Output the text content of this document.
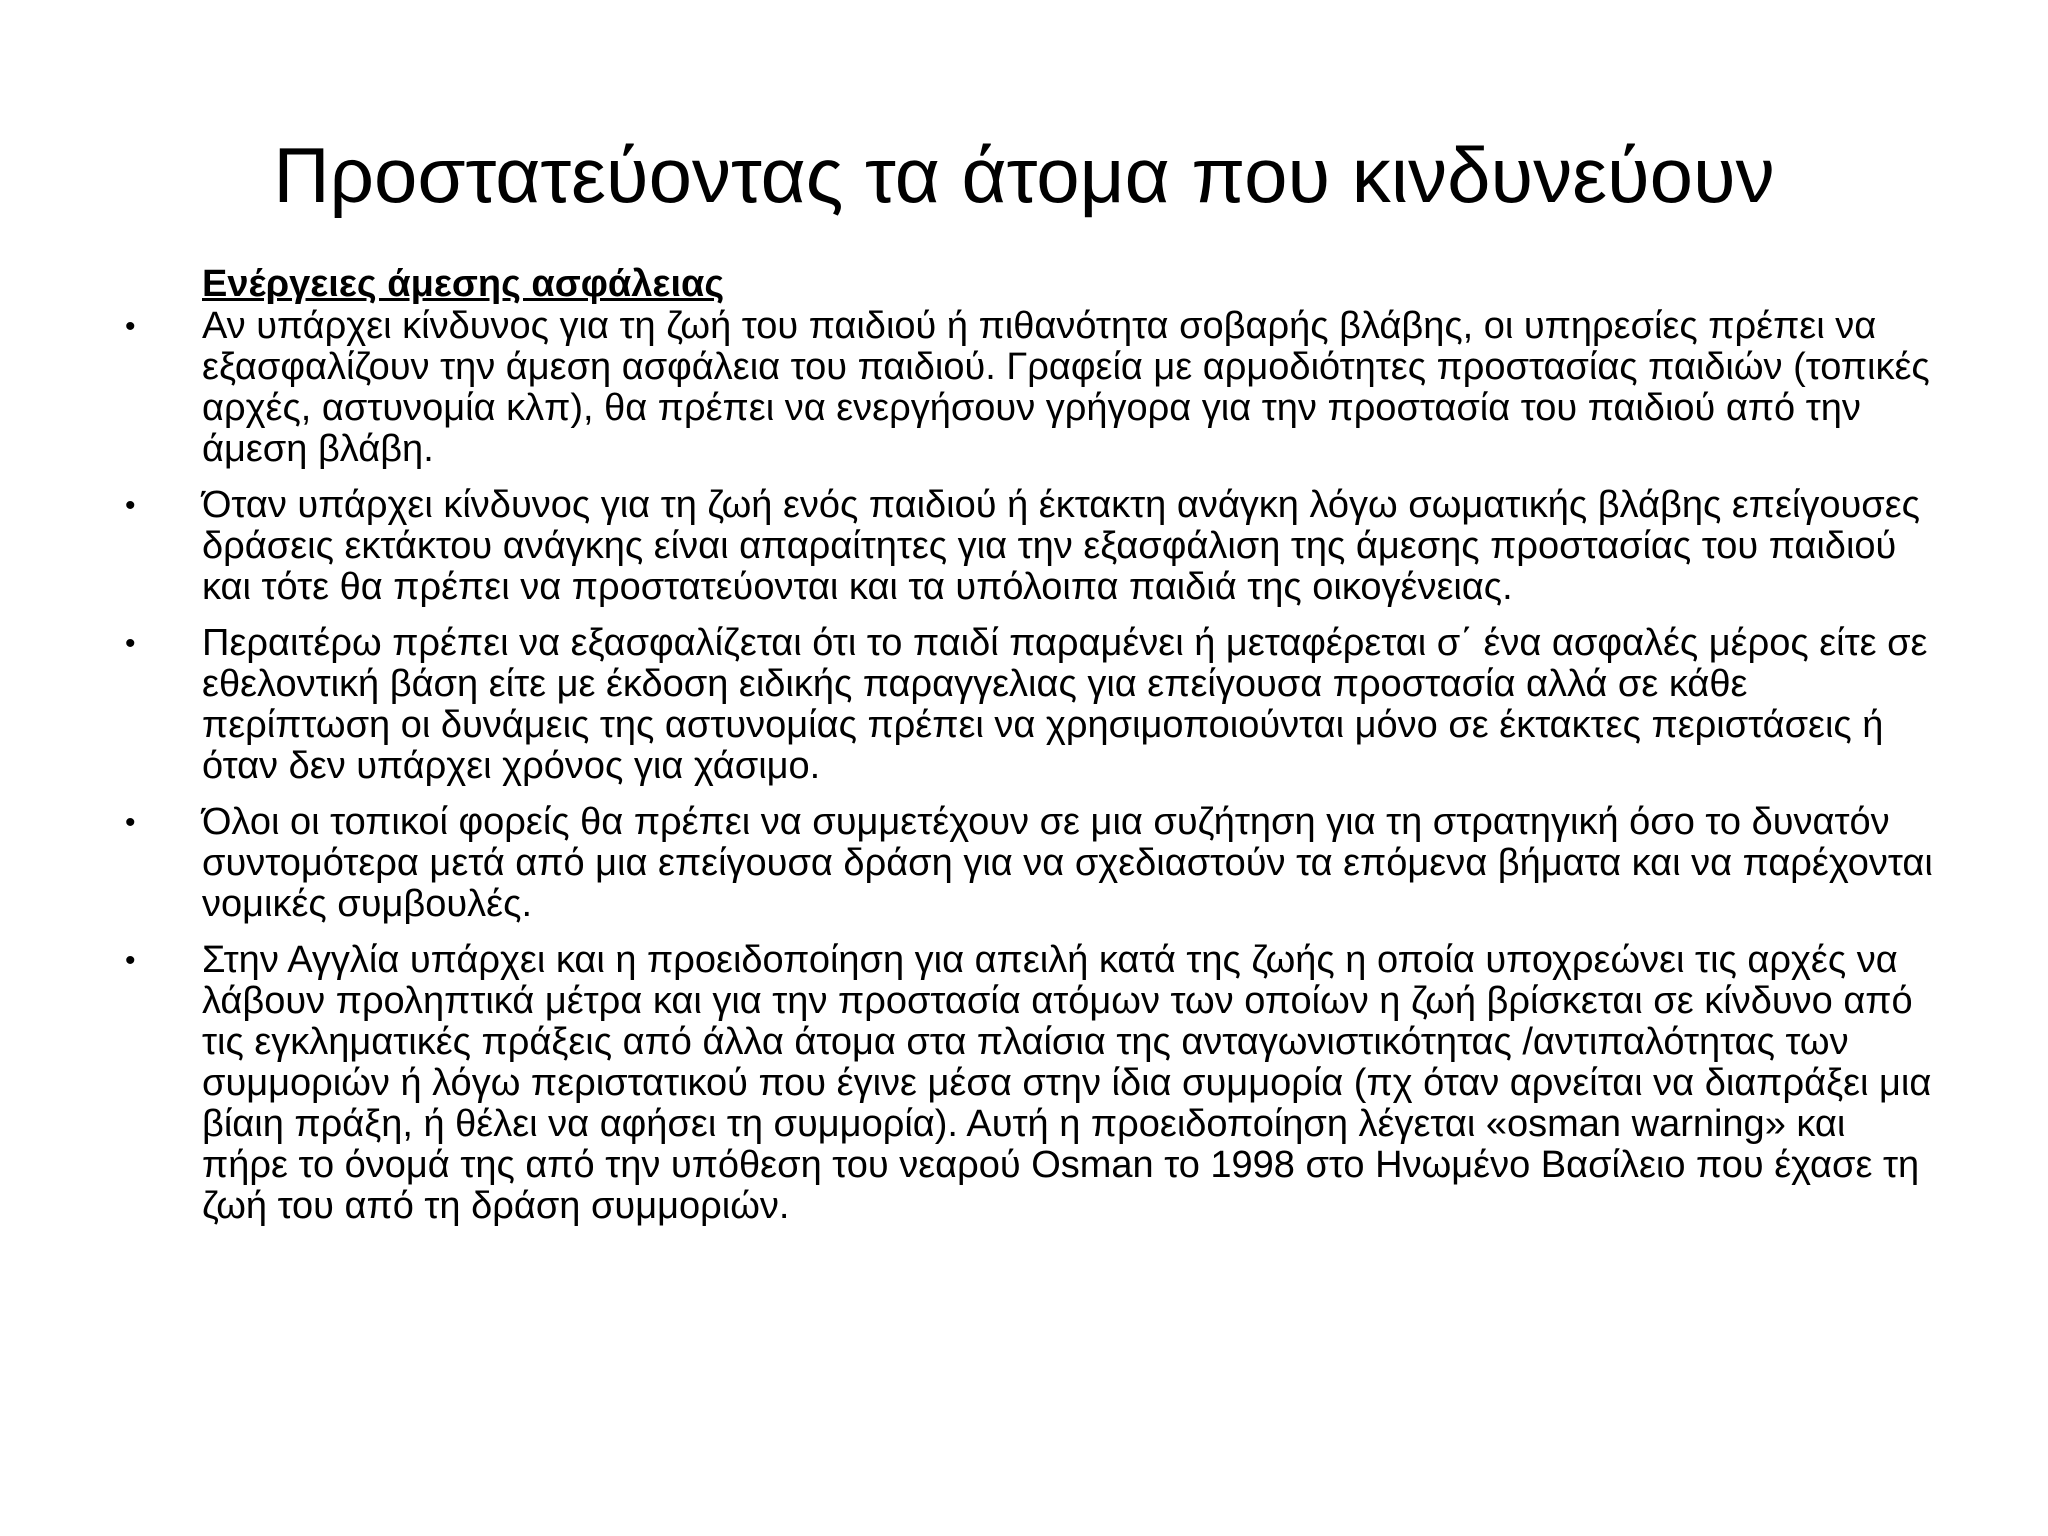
Προστατεύοντας τα άτομα που κινδυνεύουν
Ενέργειες άμεσης ασφάλειας
• Αν υπάρχει κίνδυνος για τη ζωή του παιδιού ή πιθανότητα σοβαρής βλάβης, οι υπηρεσίες πρέπει να εξασφαλίζουν την άμεση ασφάλεια του παιδιού. Γραφεία με αρμοδιότητες προστασίας παιδιών (τοπικές αρχές, αστυνομία κλπ), θα πρέπει να ενεργήσουν γρήγορα για την προστασία του παιδιού από την άμεση βλάβη.
• Όταν υπάρχει κίνδυνος για τη ζωή ενός παιδιού ή έκτακτη ανάγκη λόγω σωματικής βλάβης επείγουσες δράσεις εκτάκτου ανάγκης είναι απαραίτητες για την εξασφάλιση της άμεσης προστασίας του παιδιού και τότε θα πρέπει να προστατεύονται και τα υπόλοιπα παιδιά της οικογένειας.
• Περαιτέρω πρέπει να εξασφαλίζεται ότι το παιδί παραμένει ή μεταφέρεται σ΄ ένα ασφαλές μέρος είτε σε εθελοντική βάση είτε με έκδοση ειδικής παραγγελιας για επείγουσα προστασία αλλά σε κάθε περίπτωση οι δυνάμεις της αστυνομίας πρέπει να χρησιμοποιούνται μόνο σε έκτακτες περιστάσεις ή όταν δεν υπάρχει χρόνος για χάσιμο.
• Όλοι οι τοπικοί φορείς θα πρέπει να συμμετέχουν σε μια συζήτηση για τη στρατηγική όσο το δυνατόν συντομότερα μετά από μια επείγουσα δράση για να σχεδιαστούν τα επόμενα βήματα και να παρέχονται νομικές συμβουλές.
• Στην Αγγλία υπάρχει και η προειδοποίηση για απειλή κατά της ζωής η οποία υποχρεώνει τις αρχές να λάβουν προληπτικά μέτρα και για την προστασία ατόμων των οποίων η ζωή βρίσκεται σε κίνδυνο από τις εγκληματικές πράξεις από άλλα άτομα στα πλαίσια της ανταγωνιστικότητας /αντιπαλότητας των συμμοριών ή λόγω περιστατικού που έγινε μέσα στην ίδια συμμορία (πχ όταν αρνείται να διαπράξει μια βίαιη πράξη, ή θέλει να αφήσει τη συμμορία). Αυτή η προειδοποίηση λέγεται «osman warning» και πήρε το όνομά της από την υπόθεση του νεαρού Osman το 1998 στο Ηνωμένο Βασίλειο που έχασε τη ζωή του από τη δράση συμμοριών.
